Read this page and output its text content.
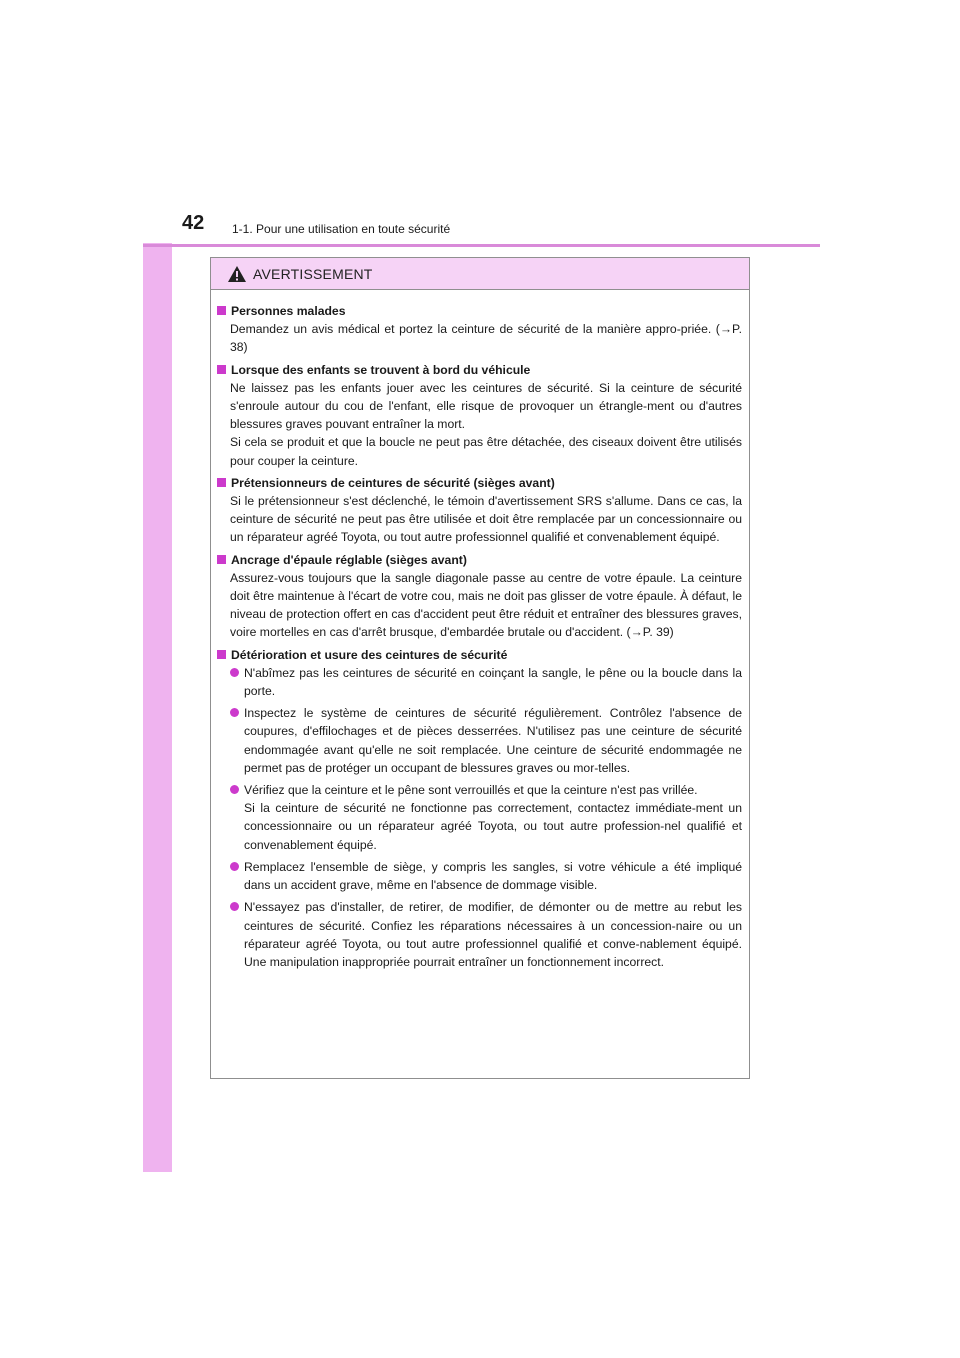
42 1-1. Pour une utilisation en toute sécurité
AVERTISSEMENT
Personnes malades
Demandez un avis médical et portez la ceinture de sécurité de la manière appro-priée. (→P. 38)
Lorsque des enfants se trouvent à bord du véhicule
Ne laissez pas les enfants jouer avec les ceintures de sécurité. Si la ceinture de sécurité s'enroule autour du cou de l'enfant, elle risque de provoquer un étrangle-ment ou d'autres blessures graves pouvant entraîner la mort.
Si cela se produit et que la boucle ne peut pas être détachée, des ciseaux doivent être utilisés pour couper la ceinture.
Prétensionneurs de ceintures de sécurité (sièges avant)
Si le prétensionneur s'est déclenché, le témoin d'avertissement SRS s'allume. Dans ce cas, la ceinture de sécurité ne peut pas être utilisée et doit être remplacée par un concessionnaire ou un réparateur agréé Toyota, ou tout autre professionnel qualifié et convenablement équipé.
Ancrage d'épaule réglable (sièges avant)
Assurez-vous toujours que la sangle diagonale passe au centre de votre épaule. La ceinture doit être maintenue à l'écart de votre cou, mais ne doit pas glisser de votre épaule. À défaut, le niveau de protection offert en cas d'accident peut être réduit et entraîner des blessures graves, voire mortelles en cas d'arrêt brusque, d'embardée brutale ou d'accident. (→P. 39)
Détérioration et usure des ceintures de sécurité
N'abîmez pas les ceintures de sécurité en coinçant la sangle, le pêne ou la boucle dans la porte.
Inspectez le système de ceintures de sécurité régulièrement. Contrôlez l'absence de coupures, d'effilochages et de pièces desserrées. N'utilisez pas une ceinture de sécurité endommagée avant qu'elle ne soit remplacée. Une ceinture de sécurité endommagée ne permet pas de protéger un occupant de blessures graves ou mor-telles.
Vérifiez que la ceinture et le pêne sont verrouillés et que la ceinture n'est pas vrillée.
Si la ceinture de sécurité ne fonctionne pas correctement, contactez immédiate-ment un concessionnaire ou un réparateur agréé Toyota, ou tout autre profession-nel qualifié et convenablement équipé.
Remplacez l'ensemble de siège, y compris les sangles, si votre véhicule a été impliqué dans un accident grave, même en l'absence de dommage visible.
N'essayez pas d'installer, de retirer, de modifier, de démonter ou de mettre au rebut les ceintures de sécurité. Confiez les réparations nécessaires à un concession-naire ou un réparateur agréé Toyota, ou tout autre professionnel qualifié et conve-nablement équipé. Une manipulation inappropriée pourrait entraîner un fonctionnement incorrect.
